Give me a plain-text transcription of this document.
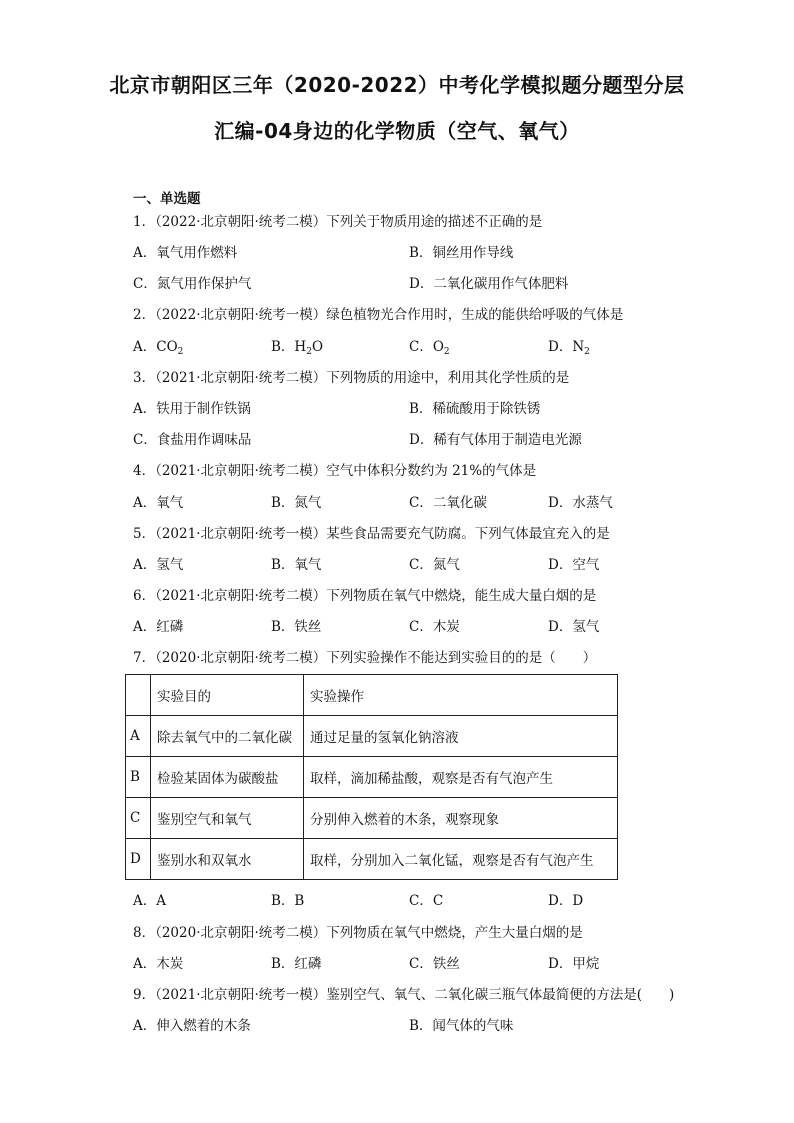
北京市朝阳区三年（2020-2022）中考化学模拟题分题型分层
汇编-04身边的化学物质（空气、氧气）
一、单选题
1．（2022·北京朝阳·统考二模）下列关于物质用途的描述不正确的是
A．氧气用作燃料	B．铜丝用作导线
C．氮气用作保护气	D．二氧化碳用作气体肥料
2．（2022·北京朝阳·统考一模）绿色植物光合作用时，生成的能供给呼吸的气体是
A．$CO_2$	B．$H_2O$	C．$O_2$	D．$N_2$
3．（2021·北京朝阳·统考二模）下列物质的用途中，利用其化学性质的是
A．铁用于制作铁锅	B．稀硫酸用于除铁锈
C．食盐用作调味品	D．稀有气体用于制造电光源
4．（2021·北京朝阳·统考二模）空气中体积分数约为 21%的气体是
A．氧气	B．氮气	C．二氧化碳	D．水蒸气
5．（2021·北京朝阳·统考一模）某些食品需要充气防腐。下列气体最宜充入的是
A．氢气	B．氧气	C．氮气	D．空气
6．（2021·北京朝阳·统考二模）下列物质在氧气中燃烧，能生成大量白烟的是
A．红磷	B．铁丝	C．木炭	D．氢气
7．（2020·北京朝阳·统考二模）下列实验操作不能达到实验目的的是（　　）
	实验目的	实验操作
A	除去氧气中的二氧化碳	通过足量的氢氧化钠溶液
B	检验某固体为碳酸盐	取样，滴加稀盐酸，观察是否有气泡产生
C	鉴别空气和氧气	分别伸入燃着的木条，观察现象
D	鉴别水和双氧水	取样，分别加入二氧化锰，观察是否有气泡产生
A．A	B．B	C．C	D．D
8．（2020·北京朝阳·统考二模）下列物质在氧气中燃烧，产生大量白烟的是
A．木炭	B．红磷	C．铁丝	D．甲烷
9．（2021·北京朝阳·统考一模）鉴别空气、氧气、二氧化碳三瓶气体最简便的方法是(　　)
A．伸入燃着的木条	B．闻气体的气味
